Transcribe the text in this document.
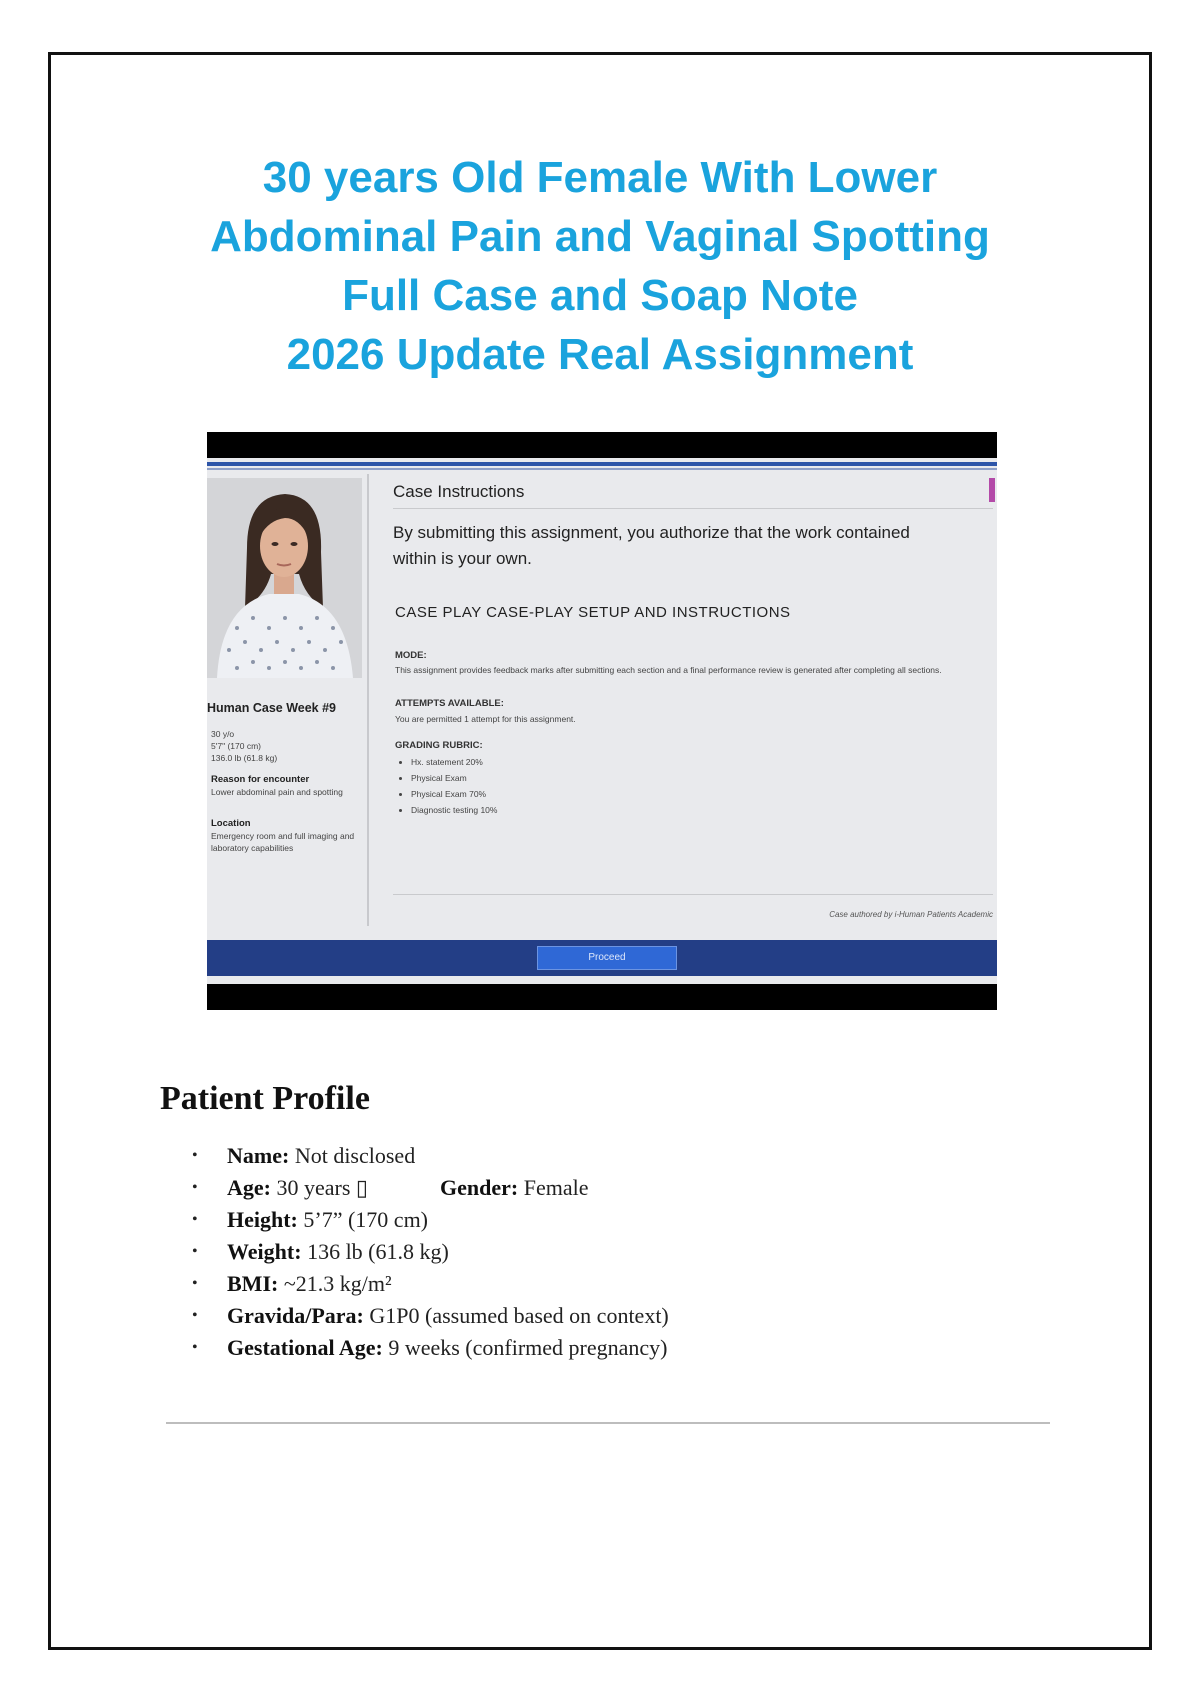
30 years Old Female With Lower
Abdominal Pain and Vaginal Spotting
Full Case and Soap Note
2026 Update Real Assignment

Human Case Week #9

30 y/o
5'7" (170 cm)
136.0 lb (61.8 kg)
Reason for encounter
Lower abdominal pain and spotting
Location
Emergency room and full imaging and laboratory capabilities
Case Instructions
By submitting this assignment, you authorize that the work contained within is your own.
CASE PLAY CASE-PLAY SETUP AND INSTRUCTIONS
MODE:
This assignment provides feedback marks after submitting each section and a final performance review is generated after completing all sections.
ATTEMPTS AVAILABLE:
You are permitted 1 attempt for this assignment.
GRADING RUBRIC:
• Hx. statement 20%
• Physical Exam
• Physical Exam 70%
• Diagnostic testing 10%
Case authored by i-Human Patients Academic
Proceed
Patient Profile
• Name: Not disclosed
• Age: 30 years ▯	Gender: Female
• Height: 5’7” (170 cm)
• Weight: 136 lb (61.8 kg)
• BMI: ~21.3 kg/m²
• Gravida/Para: G1P0 (assumed based on context)
• Gestational Age: 9 weeks (confirmed pregnancy)
